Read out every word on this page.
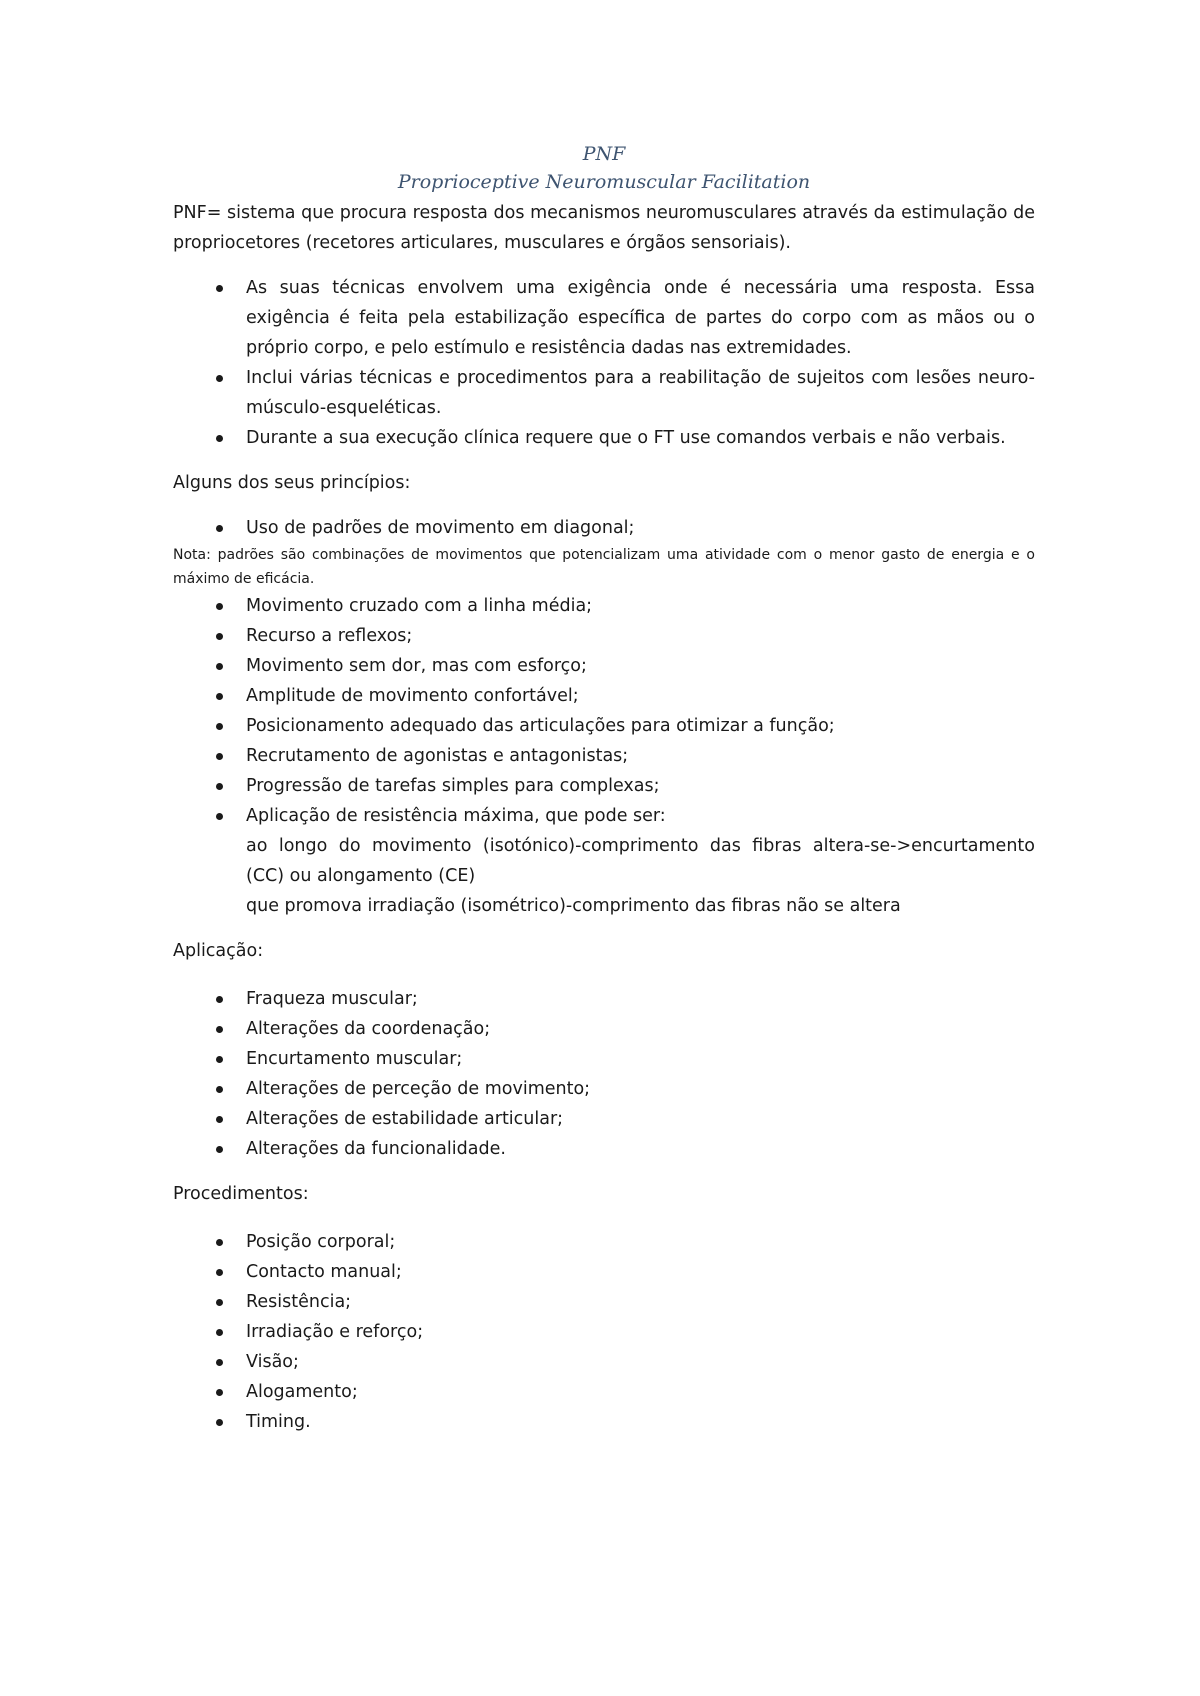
PNF

Proprioceptive Neuromuscular Facilitation

PNF= sistema que procura resposta dos mecanismos neuromusculares através da estimulação de propriocetores (recetores articulares, musculares e órgãos sensoriais).

As suas técnicas envolvem uma exigência onde é necessária uma resposta. Essa exigência é feita pela estabilização específica de partes do corpo com as mãos ou o próprio corpo, e pelo estímulo e resistência dadas nas extremidades.
Inclui várias técnicas e procedimentos para a reabilitação de sujeitos com lesões neuro-músculo-esqueléticas.
Durante a sua execução clínica requere que o FT use comandos verbais e não verbais.

Alguns dos seus princípios:

Uso de padrões de movimento em diagonal;

Nota: padrões são combinações de movimentos que potencializam uma atividade com o menor gasto de energia e o máximo de eficácia.

Movimento cruzado com a linha média;
Recurso a reflexos;
Movimento sem dor, mas com esforço;
Amplitude de movimento confortável;
Posicionamento adequado das articulações para otimizar a função;
Recrutamento de agonistas e antagonistas;
Progressão de tarefas simples para complexas;
Aplicação de resistência máxima, que pode ser:
ao longo do movimento (isotónico)-comprimento das fibras altera-se->encurtamento (CC) ou alongamento (CE)
que promova irradiação (isométrico)-comprimento das fibras não se altera

Aplicação:

Fraqueza muscular;
Alterações da coordenação;
Encurtamento muscular;
Alterações de perceção de movimento;
Alterações de estabilidade articular;
Alterações da funcionalidade.

Procedimentos:

Posição corporal;
Contacto manual;
Resistência;
Irradiação e reforço;
Visão;
Alogamento;
Timing.
